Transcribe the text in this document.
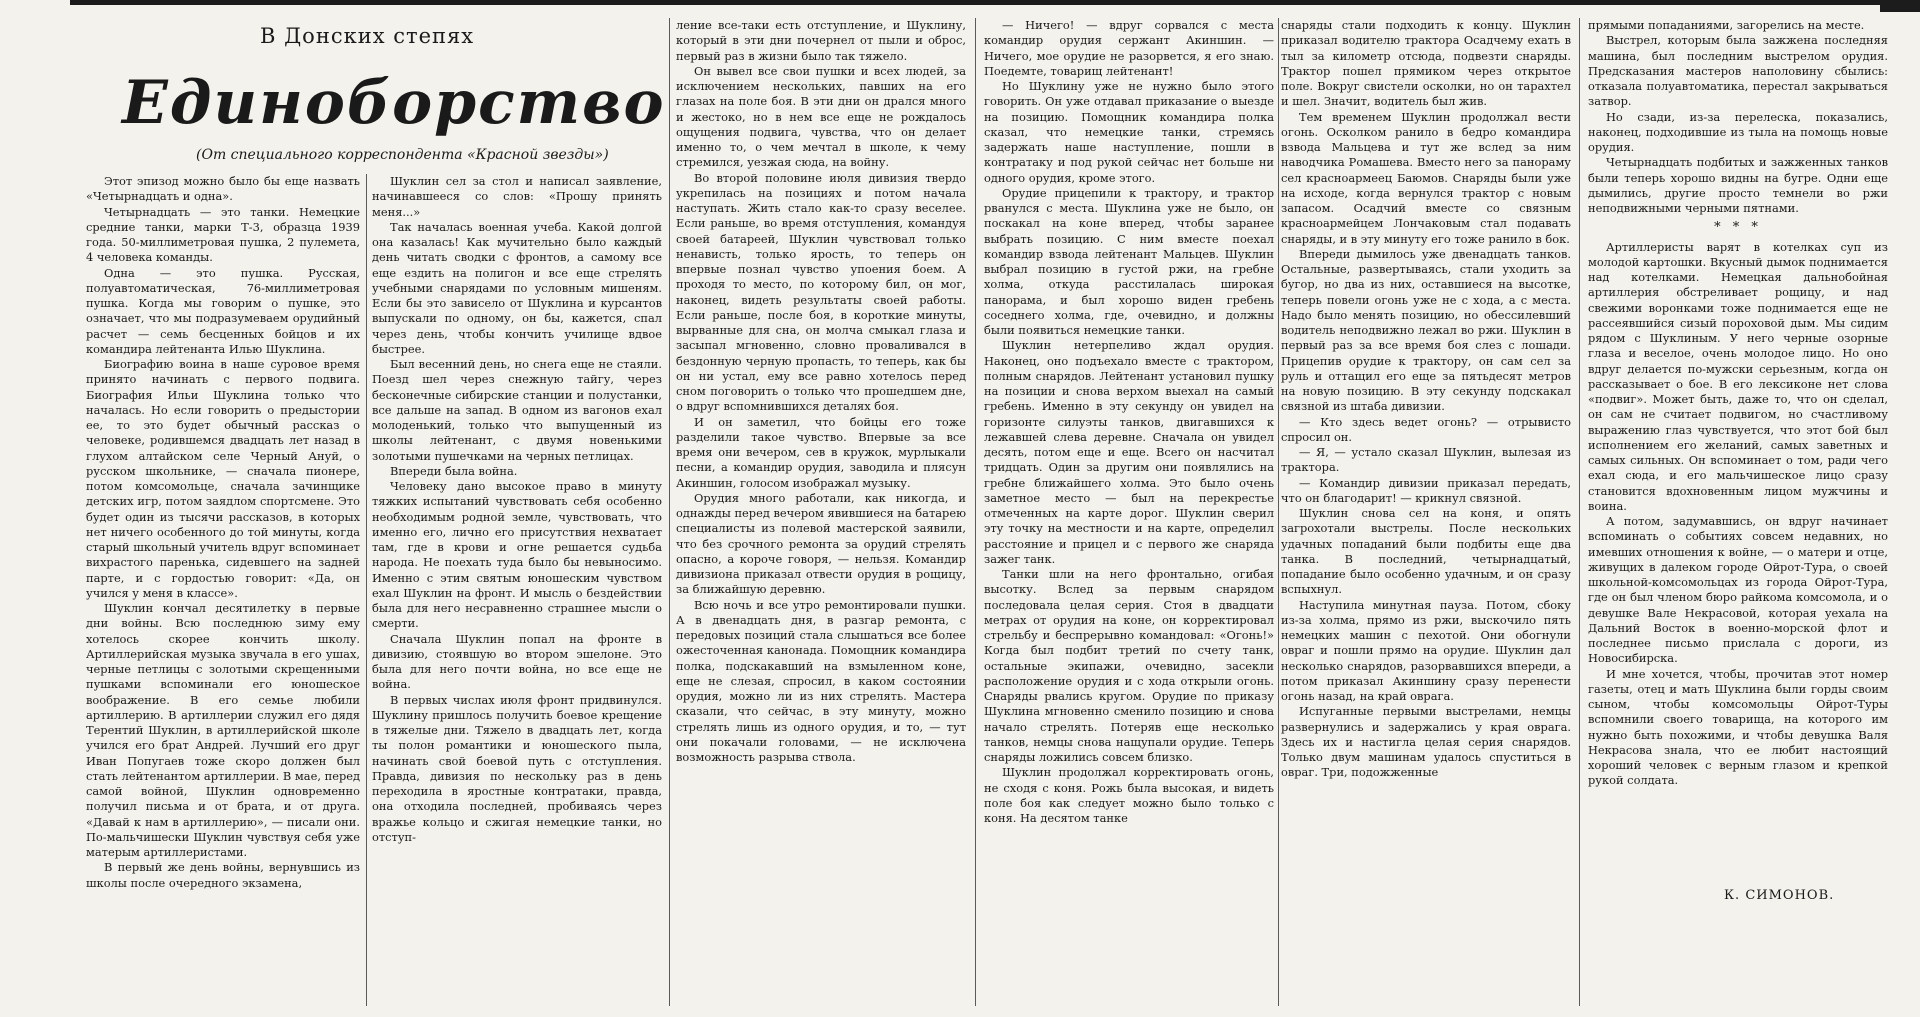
В Донских степях
Единоборство
(От специального корреспондента «Красной звезды»)

Этот эпизод можно было бы еще назвать «Четырнадцать и одна».

Четырнадцать — это танки. Немецкие средние танки, марки Т-3, образца 1939 года. 50-миллиметровая пушка, 2 пулемета, 4 человека команды.

Одна — это пушка. Русская, полуавтоматическая, 76-миллиметровая пушка. Когда мы говорим о пушке, это означает, что мы подразумеваем орудийный расчет — семь бесценных бойцов и их командира лейтенанта Илью Шуклина.

Биографию воина в наше суровое время принято начинать с первого подвига. Биография Ильи Шуклина только что началась. Но если говорить о предыстории ее, то это будет обычный рассказ о человеке, родившемся двадцать лет назад в глухом алтайском селе Черный Ануй, о русском школьнике, — сначала пионере, потом комсомольце, сначала зачинщике детских игр, потом заядлом спортсмене. Это будет один из тысячи рассказов, в которых нет ничего особенного до той минуты, когда старый школьный учитель вдруг вспоминает вихрастого паренька, сидевшего на задней парте, и с гордостью говорит: «Да, он учился у меня в классе».

Шуклин кончал десятилетку в первые дни войны. Всю последнюю зиму ему хотелось скорее кончить школу. Артиллерийская музыка звучала в его ушах, черные петлицы с золотыми скрещенными пушками вспоминали его юношеское воображение. В его семье любили артиллерию. В артиллерии служил его дядя Терентий Шуклин, в артиллерийской школе учился его брат Андрей. Лучший его друг Иван Попугаев тоже скоро должен был стать лейтенантом артиллерии. В мае, перед самой войной, Шуклин одновременно получил письма и от брата, и от друга. «Давай к нам в артиллерию», — писали они. По-мальчишески Шуклин чувствуя себя уже матерым артиллеристами.

В первый же день войны, вернувшись из школы после очередного экзамена,

Шуклин сел за стол и написал заявление, начинавшееся со слов: «Прошу принять меня...»

Так началась военная учеба. Какой долгой она казалась! Как мучительно было каждый день читать сводки с фронтов, а самому все еще ездить на полигон и все еще стрелять учебными снарядами по условным мишеням. Если бы это зависело от Шуклина и курсантов выпускали по одному, он бы, кажется, спал через день, чтобы кончить училище вдвое быстрее.

Был весенний день, но снега еще не стаяли. Поезд шел через снежную тайгу, через бесконечные сибирские станции и полустанки, все дальше на запад. В одном из вагонов ехал молоденький, только что выпущенный из школы лейтенант, с двумя новенькими золотыми пушечками на черных петлицах.

Впереди была война.

Человеку дано высокое право в минуту тяжких испытаний чувствовать себя особенно необходимым родной земле, чувствовать, что именно его, лично его присутствия нехватает там, где в крови и огне решается судьба народа. Не поехать туда было бы невыносимо. Именно с этим святым юношеским чувством ехал Шуклин на фронт. И мысль о бездействии была для него несравненно страшнее мысли о смерти.

Сначала Шуклин попал на фронте в дивизию, стоявшую во втором эшелоне. Это была для него почти война, но все еще не война.

В первых числах июля фронт придвинулся. Шуклину пришлось получить боевое крещение в тяжелые дни. Тяжело в двадцать лет, когда ты полон романтики и юношеского пыла, начинать свой боевой путь с отступления. Правда, дивизия по нескольку раз в день переходила в яростные контратаки, правда, она отходила последней, пробиваясь через вражье кольцо и сжигая немецкие танки, но отступ-

ление все-таки есть отступление, и Шуклину, который в эти дни почернел от пыли и оброс, первый раз в жизни было так тяжело.

Он вывел все свои пушки и всех людей, за исключением нескольких, павших на его глазах на поле боя. В эти дни он дрался много и жестоко, но в нем все еще не рождалось ощущения подвига, чувства, что он делает именно то, о чем мечтал в школе, к чему стремился, уезжая сюда, на войну.

Во второй половине июля дивизия твердо укрепилась на позициях и потом начала наступать. Жить стало как-то сразу веселее. Если раньше, во время отступления, командуя своей батареей, Шуклин чувствовал только ненависть, только ярость, то теперь он впервые познал чувство упоения боем. А проходя то место, по которому бил, он мог, наконец, видеть результаты своей работы. Если раньше, после боя, в короткие минуты, вырванные для сна, он молча смыкал глаза и засыпал мгновенно, словно проваливался в бездонную черную пропасть, то теперь, как бы он ни устал, ему все равно хотелось перед сном поговорить о только что прошедшем дне, о вдруг вспомнившихся деталях боя.

И он заметил, что бойцы его тоже разделили такое чувство. Впервые за все время они вечером, сев в кружок, мурлыкали песни, а командир орудия, заводила и плясун Акиншин, голосом изображал музыку.

Орудия много работали, как никогда, и однажды перед вечером явившиеся на батарею специалисты из полевой мастерской заявили, что без срочного ремонта за орудий стрелять опасно, а короче говоря, — нельзя. Командир дивизиона приказал отвести орудия в рощицу, за ближайшую деревню.

Всю ночь и все утро ремонтировали пушки. А в двенадцать дня, в разгар ремонта, с передовых позиций стала слышаться все более ожесточенная канонада. Помощник командира полка, подскакавший на взмыленном коне, еще не слезая, спросил, в каком состоянии орудия, можно ли из них стрелять. Мастера сказали, что сейчас, в эту минуту, можно стрелять лишь из одного орудия, и то, — тут они покачали головами, — не исключена возможность разрыва ствола.

— Ничего! — вдруг сорвался с места командир орудия сержант Акиншин. — Ничего, мое орудие не разорвется, я его знаю. Поедемте, товарищ лейтенант!

Но Шуклину уже не нужно было этого говорить. Он уже отдавал приказание о выезде на позицию. Помощник командира полка сказал, что немецкие танки, стремясь задержать наше наступление, пошли в контратаку и под рукой сейчас нет больше ни одного орудия, кроме этого.

Орудие прицепили к трактору, и трактор рванулся с места. Шуклина уже не было, он поскакал на коне вперед, чтобы заранее выбрать позицию. С ним вместе поехал командир взвода лейтенант Мальцев. Шуклин выбрал позицию в густой ржи, на гребне холма, откуда расстилалась широкая панорама, и был хорошо виден гребень соседнего холма, где, очевидно, и должны были появиться немецкие танки.

Шуклин нетерпеливо ждал орудия. Наконец, оно подъехало вместе с трактором, полным снарядов. Лейтенант установил пушку на позиции и снова верхом выехал на самый гребень. Именно в эту секунду он увидел на горизонте силуэты танков, двигавшихся к лежавшей слева деревне. Сначала он увидел десять, потом еще и еще. Всего он насчитал тридцать. Один за другим они появлялись на гребне ближайшего холма. Это было очень заметное место — был на перекрестье отмеченных на карте дорог. Шуклин сверил эту точку на местности и на карте, определил расстояние и прицел и с первого же снаряда зажег танк.

Танки шли на него фронтально, огибая высотку. Вслед за первым снарядом последовала целая серия. Стоя в двадцати метрах от орудия на коне, он корректировал стрельбу и беспрерывно командовал: «Огонь!» Когда был подбит третий по счету танк, остальные экипажи, очевидно, засекли расположение орудия и с хода открыли огонь. Снаряды рвались кругом. Орудие по приказу Шуклина мгновенно сменило позицию и снова начало стрелять. Потеряв еще несколько танков, немцы снова нащупали орудие. Теперь снаряды ложились совсем близко.

Шуклин продолжал корректировать огонь, не сходя с коня. Рожь была высокая, и видеть поле боя как следует можно было только с коня. На десятом танке

снаряды стали подходить к концу. Шуклин приказал водителю трактора Осадчему ехать в тыл за километр отсюда, подвезти снаряды. Трактор пошел прямиком через открытое поле. Вокруг свистели осколки, но он тарахтел и шел. Значит, водитель был жив.

Тем временем Шуклин продолжал вести огонь. Осколком ранило в бедро командира взвода Мальцева и тут же вслед за ним наводчика Ромашева. Вместо него за панораму сел красноармеец Баюмов. Снаряды были уже на исходе, когда вернулся трактор с новым запасом. Осадчий вместе со связным красноармейцем Лончаковым стал подавать снаряды, и в эту минуту его тоже ранило в бок.

Впереди дымилось уже двенадцать танков. Остальные, развертываясь, стали уходить за бугор, но два из них, оставшиеся на высотке, теперь повели огонь уже не с хода, а с места. Надо было менять позицию, но обессилевший водитель неподвижно лежал во ржи. Шуклин в первый раз за все время боя слез с лошади. Прицепив орудие к трактору, он сам сел за руль и оттащил его еще за пятьдесят метров на новую позицию. В эту секунду подскакал связной из штаба дивизии.

— Кто здесь ведет огонь? — отрывисто спросил он.

— Я, — устало сказал Шуклин, вылезая из трактора.

— Командир дивизии приказал передать, что он благодарит! — крикнул связной.

Шуклин снова сел на коня, и опять загрохотали выстрелы. После нескольких удачных попаданий были подбиты еще два танка. В последний, четырнадцатый, попадание было особенно удачным, и он сразу вспыхнул.

Наступила минутная пауза. Потом, сбоку из-за холма, прямо из ржи, выскочило пять немецких машин с пехотой. Они обогнули овраг и пошли прямо на орудие. Шуклин дал несколько снарядов, разорвавшихся впереди, а потом приказал Акиншину сразу перенести огонь назад, на край оврага.

Испуганные первыми выстрелами, немцы развернулись и задержались у края оврага. Здесь их и настигла целая серия снарядов. Только двум машинам удалось спуститься в овраг. Три, подожженные

прямыми попаданиями, загорелись на месте.

Выстрел, которым была зажжена последняя машина, был последним выстрелом орудия. Предсказания мастеров наполовину сбылись: отказала полуавтоматика, перестал закрываться затвор.

Но сзади, из-за перелеска, показались, наконец, подходившие из тыла на помощь новые орудия.

Четырнадцать подбитых и зажженных танков были теперь хорошо видны на бугре. Одни еще дымились, другие просто темнели во ржи неподвижными черными пятнами.

* * *

Артиллеристы варят в котелках суп из молодой картошки. Вкусный дымок поднимается над котелками. Немецкая дальнобойная артиллерия обстреливает рощицу, и над свежими воронками тоже поднимается еще не рассеявшийся сизый пороховой дым. Мы сидим рядом с Шуклиным. У него черные озорные глаза и веселое, очень молодое лицо. Но оно вдруг делается по-мужски серьезным, когда он рассказывает о бое. В его лексиконе нет слова «подвиг». Может быть, даже то, что он сделал, он сам не считает подвигом, но счастливому выражению глаз чувствуется, что этот бой был исполнением его желаний, самых заветных и самых сильных. Он вспоминает о том, ради чего ехал сюда, и его мальчишеское лицо сразу становится вдохновенным лицом мужчины и воина.

А потом, задумавшись, он вдруг начинает вспоминать о событиях совсем недавних, но имевших отношения к войне, — о матери и отце, живущих в далеком городе Ойрот-Тура, о своей школьной-комсомольцах из города Ойрот-Тура, где он был членом бюро райкома комсомола, и о девушке Вале Некрасовой, которая уехала на Дальний Восток в военно-морской флот и последнее письмо прислала с дороги, из Новосибирска.

И мне хочется, чтобы, прочитав этот номер газеты, отец и мать Шуклина были горды своим сыном, чтобы комсомольцы Ойрот-Туры вспомнили своего товарища, на которого им нужно быть похожими, и чтобы девушка Валя Некрасова знала, что ее любит настоящий хороший человек с верным глазом и крепкой рукой солдата.

К. СИМОНОВ.
